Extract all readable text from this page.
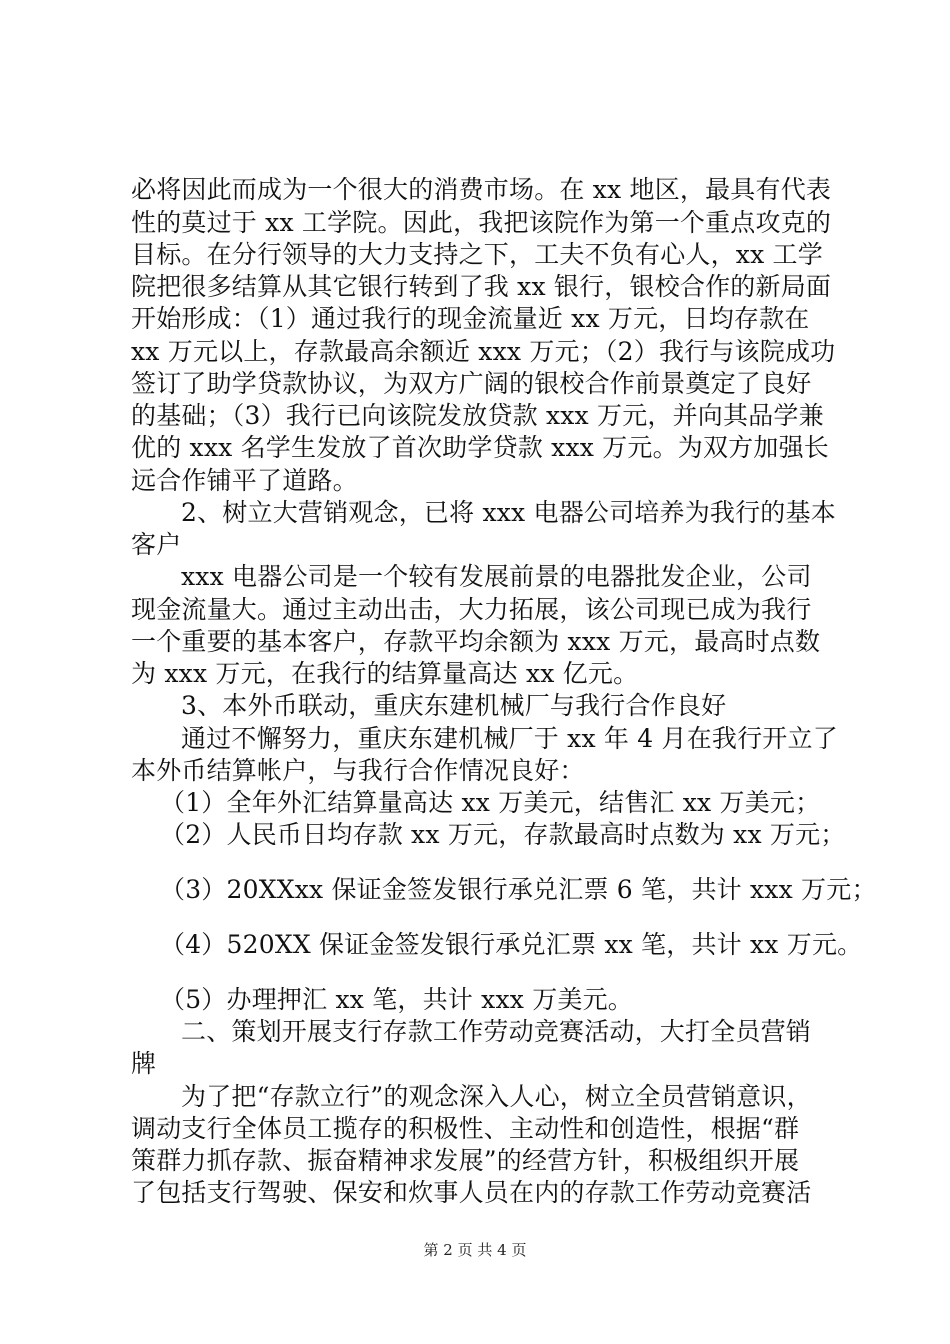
必将因此而成为一个很大的消费市场。在 xx 地区，最具有代表
性的莫过于 xx 工学院。因此，我把该院作为第一个重点攻克的
目标。在分行领导的大力支持之下，工夫不负有心人，xx 工学
院把很多结算从其它银行转到了我 xx 银行，银校合作的新局面
开始形成：（1）通过我行的现金流量近 xx 万元，日均存款在
xx 万元以上，存款最高余额近 xxx 万元；（2）我行与该院成功
签订了助学贷款协议，为双方广阔的银校合作前景奠定了良好
的基础；（3）我行已向该院发放贷款 xxx 万元，并向其品学兼
优的 xxx 名学生发放了首次助学贷款 xxx 万元。为双方加强长
远合作铺平了道路。
2、树立大营销观念，已将 xxx 电器公司培养为我行的基本
客户
xxx 电器公司是一个较有发展前景的电器批发企业，公司
现金流量大。通过主动出击，大力拓展，该公司现已成为我行
一个重要的基本客户，存款平均余额为 xxx 万元，最高时点数
为 xxx 万元，在我行的结算量高达 xx 亿元。
3、本外币联动，重庆东建机械厂与我行合作良好
通过不懈努力，重庆东建机械厂于 xx 年 4 月在我行开立了
本外币结算帐户，与我行合作情况良好：
（1）全年外汇结算量高达 xx 万美元，结售汇 xx 万美元；
（2）人民币日均存款 xx 万元，存款最高时点数为 xx 万元；
（3）20XXxx 保证金签发银行承兑汇票 6 笔，共计 xxx 万元；
（4）520XX 保证金签发银行承兑汇票 xx 笔，共计 xx 万元。
（5）办理押汇 xx 笔，共计 xxx 万美元。
二、策划开展支行存款工作劳动竞赛活动，大打全员营销
牌
为了把“存款立行”的观念深入人心，树立全员营销意识，
调动支行全体员工揽存的积极性、主动性和创造性，根据“群
策群力抓存款、振奋精神求发展”的经营方针，积极组织开展
了包括支行驾驶、保安和炊事人员在内的存款工作劳动竞赛活
第 2 页 共 4 页
